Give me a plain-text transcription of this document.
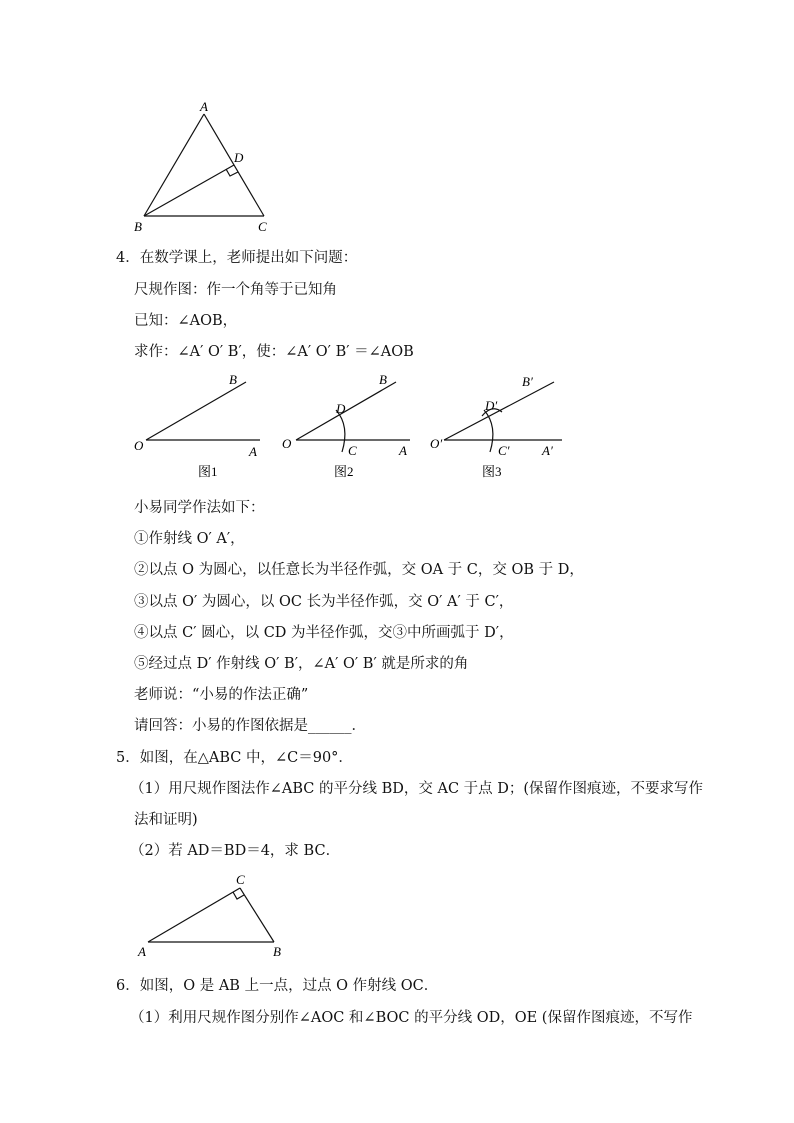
A
D
B	C
4．在数学课上，老师提出如下问题：
尺规作图：作一个角等于已知角
已知：∠AOB，
求作：∠A′ O′ B′，使：∠A′ O′ B′ ＝∠AOB
B
O	A
图1
B
D
O	C	A
图2
B′
D′
O′	C′ A′
图3
小易同学作法如下：
①作射线 O′ A′，
②以点 O 为圆心，以任意长为半径作弧，交 OA 于 C，交 OB 于 D，
③以点 O′ 为圆心，以 OC 长为半径作弧，交 O′ A′ 于 C′，
④以点 C′ 圆心，以 CD 为半径作弧，交③中所画弧于 D′，
⑤经过点 D′ 作射线 O′ B′，∠A′ O′ B′ 就是所求的角
老师说：“小易的作法正确”
请回答：小易的作图依据是______．
5．如图，在△ABC 中，∠C＝90°．
（1）用尺规作图法作∠ABC 的平分线 BD，交 AC 于点 D；(保留作图痕迹，不要求写作
法和证明)
（2）若 AD＝BD＝4，求 BC．
C
A	B
6．如图，O 是 AB 上一点，过点 O 作射线 OC．
（1）利用尺规作图分别作∠AOC 和∠BOC 的平分线 OD，OE (保留作图痕迹，不写作
